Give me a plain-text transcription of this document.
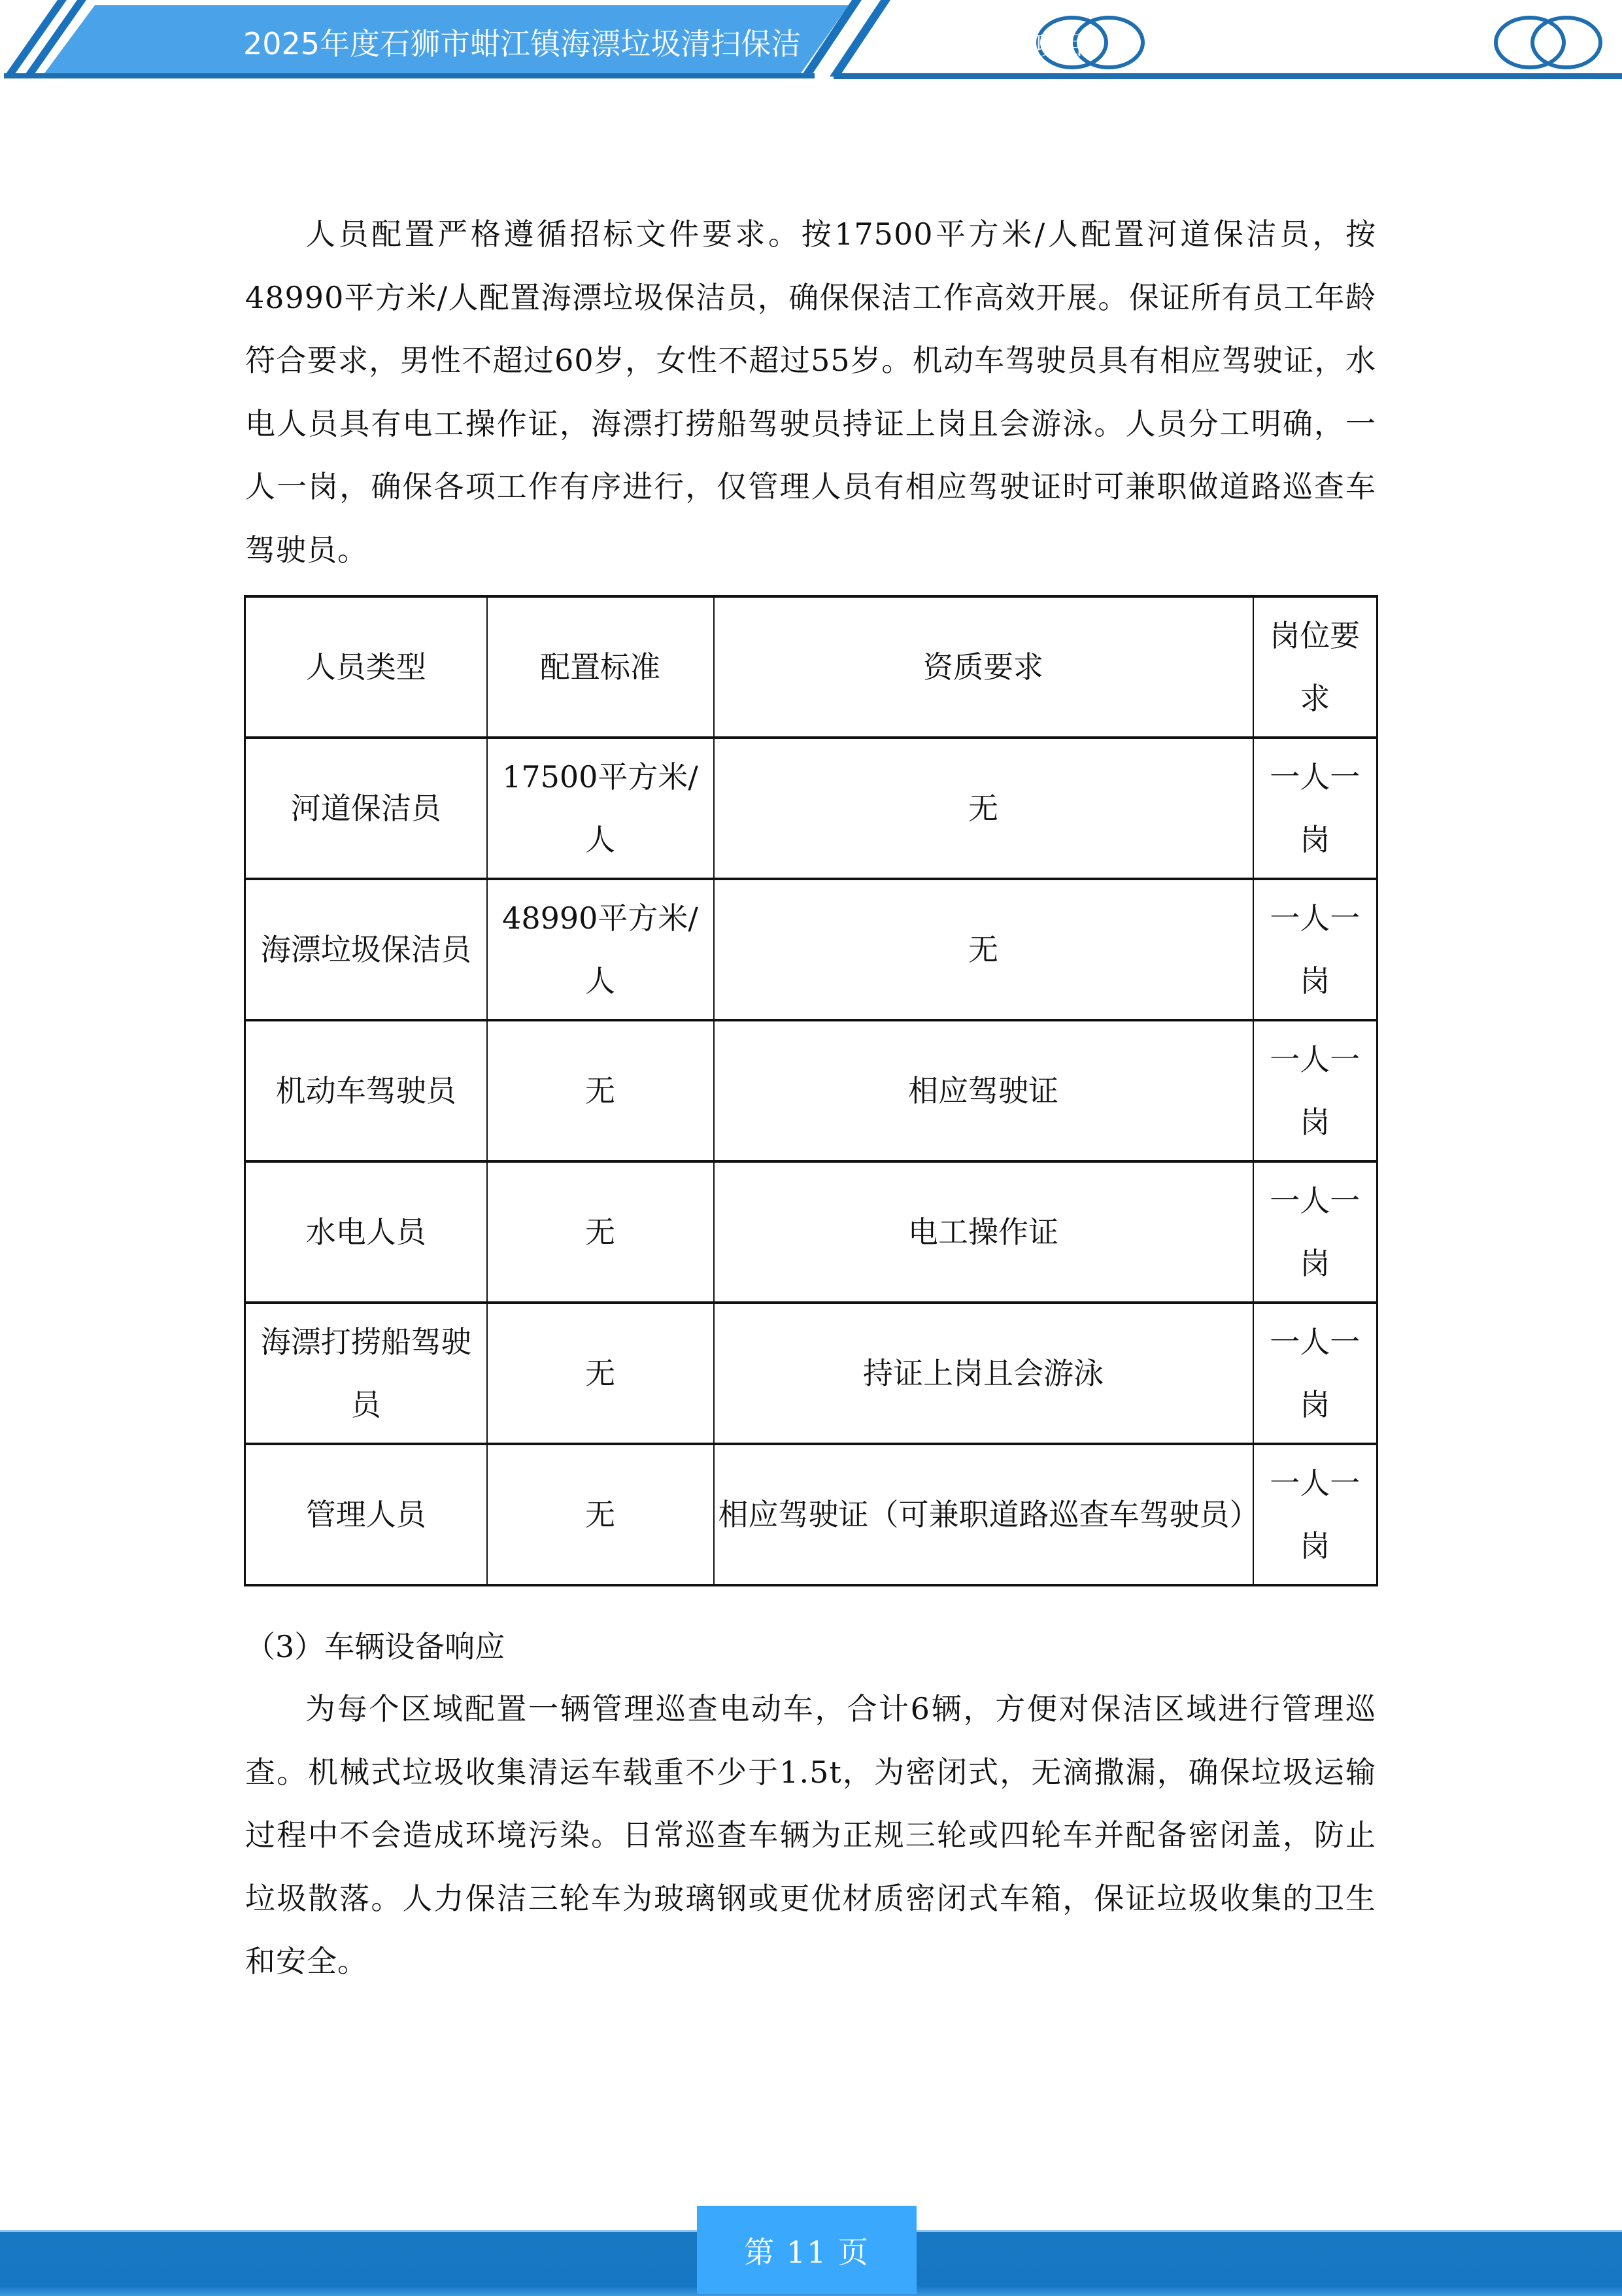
2025年度石狮市蚶江镇海漂垃圾清扫保洁	项目

人员配置严格遵循招标文件要求。按17500平方米/人配置河道保洁员，按48990平方米/人配置海漂垃圾保洁员，确保保洁工作高效开展。保证所有员工年龄符合要求，男性不超过60岁，女性不超过55岁。机动车驾驶员具有相应驾驶证，水电人员具有电工操作证，海漂打捞船驾驶员持证上岗且会游泳。人员分工明确，一人一岗，确保各项工作有序进行，仅管理人员有相应驾驶证时可兼职做道路巡查车驾驶员。

人员类型	配置标准	资质要求	岗位要求
河道保洁员	17500平方米/人	无	一人一岗
海漂垃圾保洁员	48990平方米/人	无	一人一岗
机动车驾驶员	无	相应驾驶证	一人一岗
水电人员	无	电工操作证	一人一岗
海漂打捞船驾驶员	无	持证上岗且会游泳	一人一岗
管理人员	无	相应驾驶证（可兼职道路巡查车驾驶员）	一人一岗

（3）车辆设备响应

为每个区域配置一辆管理巡查电动车，合计6辆，方便对保洁区域进行管理巡查。机械式垃圾收集清运车载重不少于1.5t，为密闭式，无滴撒漏，确保垃圾运输过程中不会造成环境污染。日常巡查车辆为正规三轮或四轮车并配备密闭盖，防止垃圾散落。人力保洁三轮车为玻璃钢或更优材质密闭式车箱，保证垃圾收集的卫生和安全。

第 11 页
